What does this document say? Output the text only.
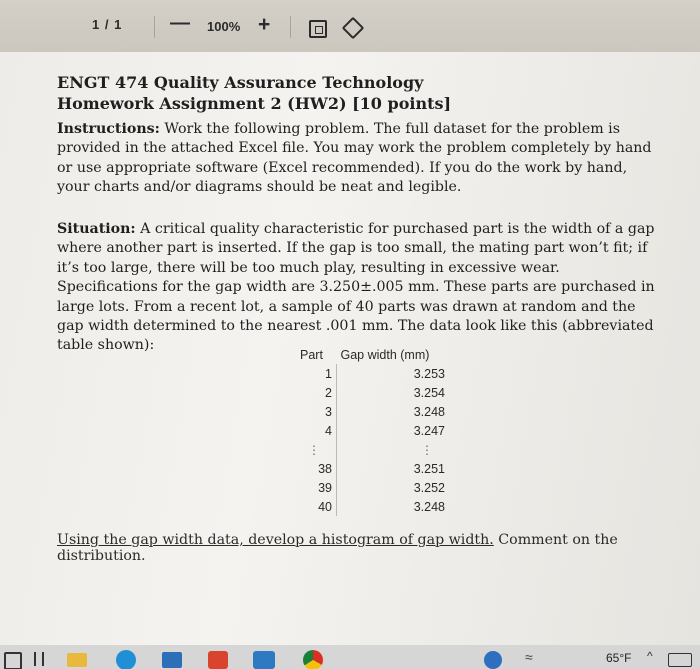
1 / 1 — 100% +
ENGT 474 Quality Assurance Technology
Homework Assignment 2 (HW2) [10 points]

Instructions: Work the following problem. The full dataset for the problem is provided in the attached Excel file. You may work the problem completely by hand or use appropriate software (Excel recommended). If you do the work by hand, your charts and/or diagrams should be neat and legible.

Situation: A critical quality characteristic for purchased part is the width of a gap where another part is inserted. If the gap is too small, the mating part won’t fit; if it’s too large, there will be too much play, resulting in excessive wear. Specifications for the gap width are 3.250±.005 mm. These parts are purchased in large lots. From a recent lot, a sample of 40 parts was drawn at random and the gap width determined to the nearest .001 mm. The data look like this (abbreviated table shown):

Part	Gap width (mm)
1	3.253
2	3.254
3	3.248
4	3.247
⋮	⋮
38	3.251
39	3.252
40	3.248
Using the gap width data, develop a histogram of gap width. Comment on the distribution.
≈	65°F ^
